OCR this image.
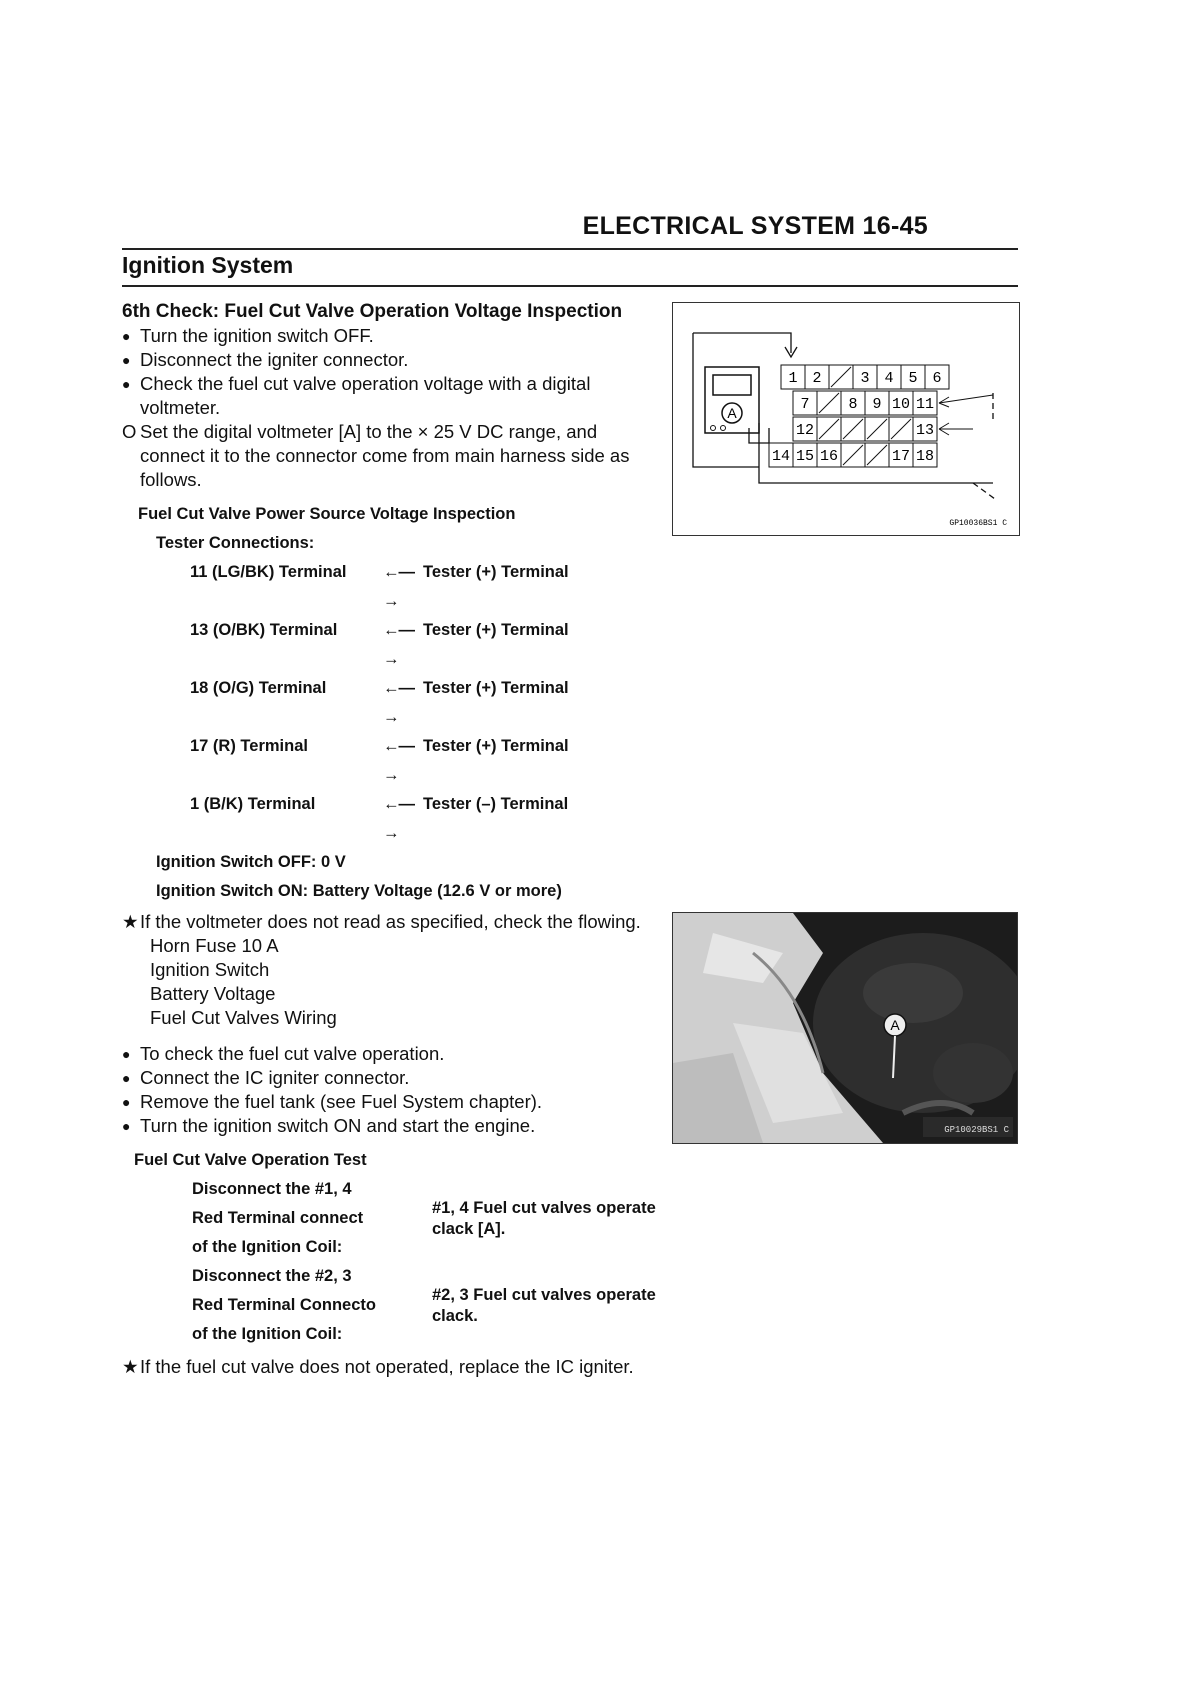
ELECTRICAL SYSTEM 16-45
Ignition System
6th Check: Fuel Cut Valve Operation Voltage Inspection
● Turn the ignition switch OFF.
● Disconnect the igniter connector.
● Check the fuel cut valve operation voltage with a digital voltmeter.
O Set the digital voltmeter [A] to the × 25 V DC range, and connect it to the connector come from main harness side as follows.
Fuel Cut Valve Power Source Voltage Inspection
Tester Connections:
11 (LG/BK) Terminal	←—→
Tester (+) Terminal
13 (O/BK) Terminal	←—→
Tester (+) Terminal
18 (O/G) Terminal	←—→
Tester (+) Terminal
17 (R) Terminal	←—→
Tester (+) Terminal
1 (B/K) Terminal	←—→
Tester (–) Terminal
Ignition Switch OFF: 0 V
Ignition Switch ON: Battery Voltage (12.6 V or more)
★ If the voltmeter does not read as specified, check the flowing.
Horn Fuse 10 A
Ignition Switch
Battery Voltage
Fuel Cut Valves Wiring
● To check the fuel cut valve operation.
● Connect the IC igniter connector.
● Remove the fuel tank (see Fuel System chapter).
● Turn the ignition switch ON and start the engine.
Fuel Cut Valve Operation Test
Disconnect the #1, 4
Red Terminal connect
of the Ignition Coil:
#1, 4 Fuel cut valves operate clack [A].
Disconnect the #2, 3
Red Terminal Connecto
of the Ignition Coil:
#2, 3 Fuel cut valves operate clack.
★ If the fuel cut valve does not operated, replace the IC igniter.
A
1 2	3 4 5 6
7	8 9 10 11
12	13
14 15 16	17 18
GP10036BS1 C
A
GP10029BS1 C
